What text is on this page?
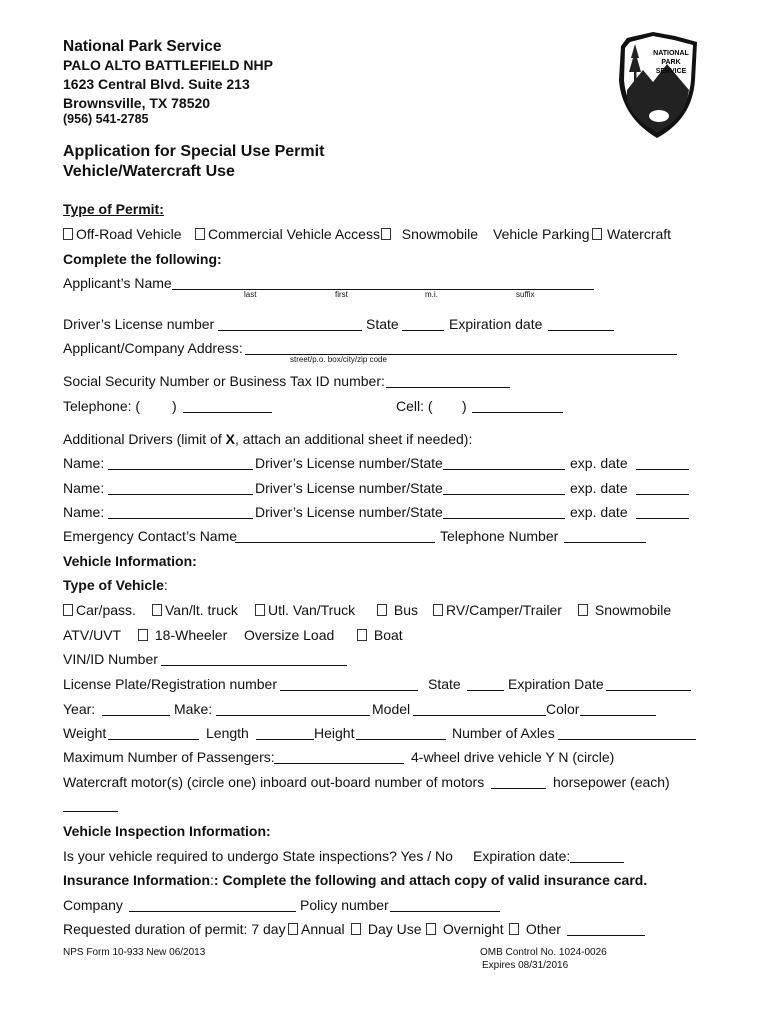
National Park Service
PALO ALTO BATTLEFIELD NHP
1623 Central Blvd. Suite 213
Brownsville, TX 78520
(956) 541-2785
NATIONAL
PARK
SERVICE
Application for Special Use Permit
Vehicle/Watercraft Use
Type of Permit:
Off-Road Vehicle	Commercial Vehicle Access	Snowmobile Vehicle Parking	Watercraft
Complete the following:
Applicant’s Name
last	first	m.i.	suffix
Driver’s License number	State	Expiration date
Applicant/Company Address:
street/p.o. box/city/zip code
Social Security Number or Business Tax ID number:
Telephone: ( )	Cell: ( )
Additional Drivers (limit of X, attach an additional sheet if needed):
Name:	Driver’s License number/State	exp. date
Name:	Driver’s License number/State	exp. date
Name:	Driver’s License number/State	exp. date
Emergency Contact’s Name	Telephone Number
Vehicle Information:
Type of Vehicle:
Car/pass.	Van/lt. truck	Utl. Van/Truck	Bus	RV/Camper/Trailer	Snowmobile
ATV/UVT	18-Wheeler Oversize Load	Boat
VIN/ID Number
License Plate/Registration number	State	Expiration Date
Year:	Make:	Model	Color
Weight	Length	Height	Number of Axles
Maximum Number of Passengers:	4-wheel drive vehicle Y N (circle)
Watercraft motor(s) (circle one) inboard out-board number of motors	horsepower (each)
Vehicle Inspection Information:
Is your vehicle required to undergo State inspections? Yes / No Expiration date:
Insurance Information:: Complete the following and attach copy of valid insurance card.
Company	Policy number
Requested duration of permit: 7 day	Annual	Day Use	Overnight	Other
NPS Form 10-933 New 06/2013	OMB Control No. 1024-0026
Expires 08/31/2016
